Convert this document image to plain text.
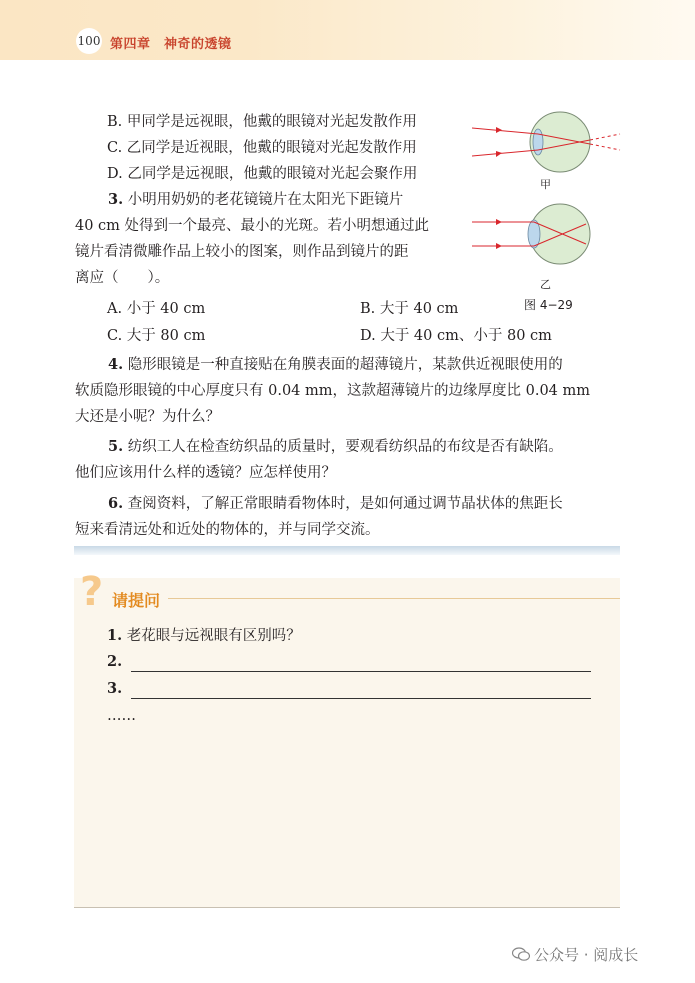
100 第四章　神奇的透镜
B. 甲同学是远视眼，他戴的眼镜对光起发散作用
C. 乙同学是近视眼，他戴的眼镜对光起发散作用
D. 乙同学是远视眼，他戴的眼镜对光起会聚作用
3. 小明用奶奶的老花镜镜片在太阳光下距镜片
40 cm 处得到一个最亮、最小的光斑。若小明想通过此
镜片看清微雕作品上较小的图案，则作品到镜片的距
离应（　　）。
A. 小于 40 cm	B. 大于 40 cm
C. 大于 80 cm	D. 大于 40 cm、小于 80 cm
甲
乙
图 4−29
4. 隐形眼镜是一种直接贴在角膜表面的超薄镜片，某款供近视眼使用的
软质隐形眼镜的中心厚度只有 0.04 mm，这款超薄镜片的边缘厚度比 0.04 mm
大还是小呢？为什么？
5. 纺织工人在检查纺织品的质量时，要观看纺织品的布纹是否有缺陷。
他们应该用什么样的透镜？应怎样使用？
6. 查阅资料，了解正常眼睛看物体时，是如何通过调节晶状体的焦距长
短来看清远处和近处的物体的，并与同学交流。
? 请提问
1. 老花眼与远视眼有区别吗？
2.
3.
……
公众号 · 阅成长
